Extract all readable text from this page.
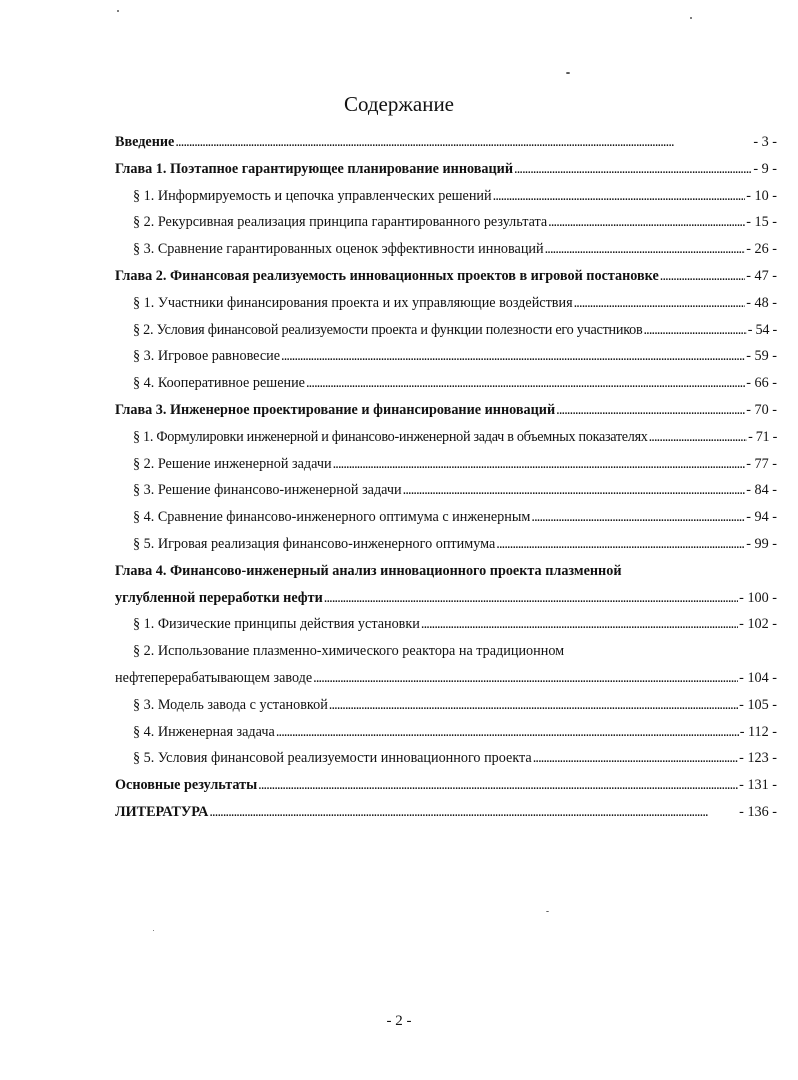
Содержание
Введение . . .	- 3 -
Глава 1. Поэтапное гарантирующее планирование инноваций . . .	- 9 -
§ 1. Информируемость и цепочка управленческих решений . . .	- 10 -
§ 2. Рекурсивная реализация принципа гарантированного результата . . .	- 15 -
§ 3. Сравнение гарантированных оценок эффективности инноваций . . .	- 26 -
Глава 2. Финансовая реализуемость инновационных проектов в игровой постановке . . .	- 47 -
§ 1. Участники финансирования проекта и их управляющие воздействия . . .	- 48 -
§ 2. Условия финансовой реализуемости проекта и функции полезности его участников . . .	- 54 -
§ 3. Игровое равновесие . . .	- 59 -
§ 4. Кооперативное решение . . .	- 66 -
Глава 3. Инженерное проектирование и финансирование инноваций . . .	- 70 -
§ 1. Формулировки инженерной и финансово-инженерной задач в объемных показателях . . .	- 71 -
§ 2. Решение инженерной задачи . . .	- 77 -
§ 3. Решение финансово-инженерной задачи . . .	- 84 -
§ 4. Сравнение финансово-инженерного оптимума с инженерным . . .	- 94 -
§ 5. Игровая реализация финансово-инженерного оптимума . . .	- 99 -
Глава 4. Финансово-инженерный анализ инновационного проекта плазменной
углубленной переработки нефти . . .	- 100 -
§ 1. Физические принципы действия установки . . .	- 102 -
§ 2. Использование плазменно-химического реактора на традиционном
нефтеперерабатывающем заводе . . .	- 104 -
§ 3. Модель завода с установкой . . .	- 105 -
§ 4. Инженерная задача . . .	- 112 -
§ 5. Условия финансовой реализуемости инновационного проекта . . .	- 123 -
Основные результаты . . .	- 131 -
ЛИТЕРАТУРА . . .	- 136 -
- 2 -
